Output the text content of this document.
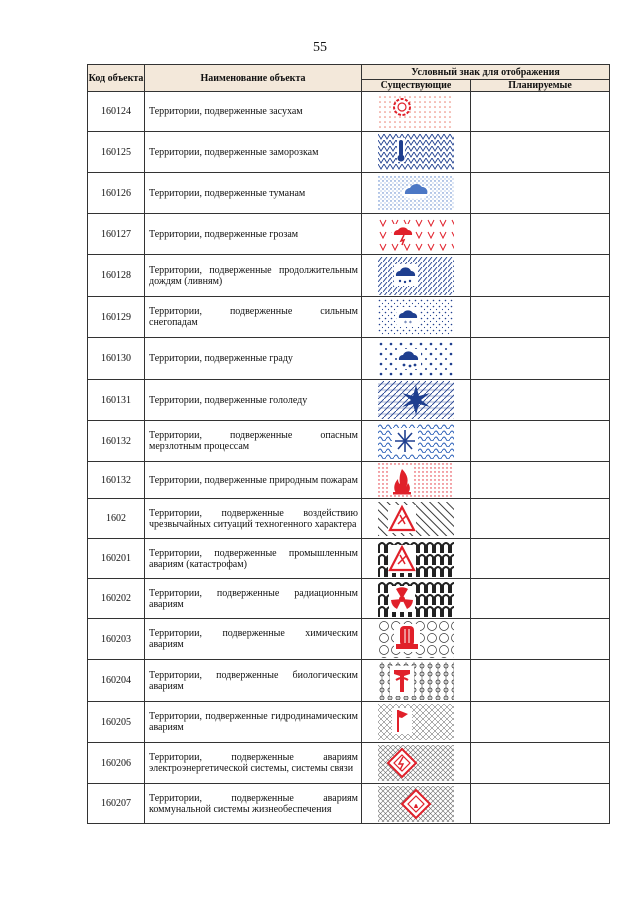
55
Код объекта	Наименование объекта	Условный знак для отображения	
		Существующие	Планируемые
160124	Территории, подверженные засухам	

160125	Территории, подверженные заморозкам	

160126	Территории, подверженные туманам	

160127	Территории, подверженные грозам	

160128	Территории, подверженные продолжительным дождям (ливням)	

160129	Территории, подверженные сильным снегопадам	* *	

160130	Территории, подверженные граду	

160131	Территории, подверженные гололеду	

160132	Территории, подверженные опасным мерзлотным процессам	

160132	Территории, подверженные природным пожарам	

1602	Территории, подверженные воздействию чрезвычайных ситуаций техногенного характера	

160201	Территории, подверженные промышленным авариям (катастрофам)	

160202	Территории, подверженные радиационным авариям	

160203	Территории, подверженные химическим авариям	

160204	Территории, подверженные биологическим авариям	

160205	Территории, подверженные гидродинамическим авариям	

160206	Территории, подверженные авариям электроэнергетической системы, системы связи	

160207	Территории, подверженные авариям коммунальной системы жизнеобеспечения	
